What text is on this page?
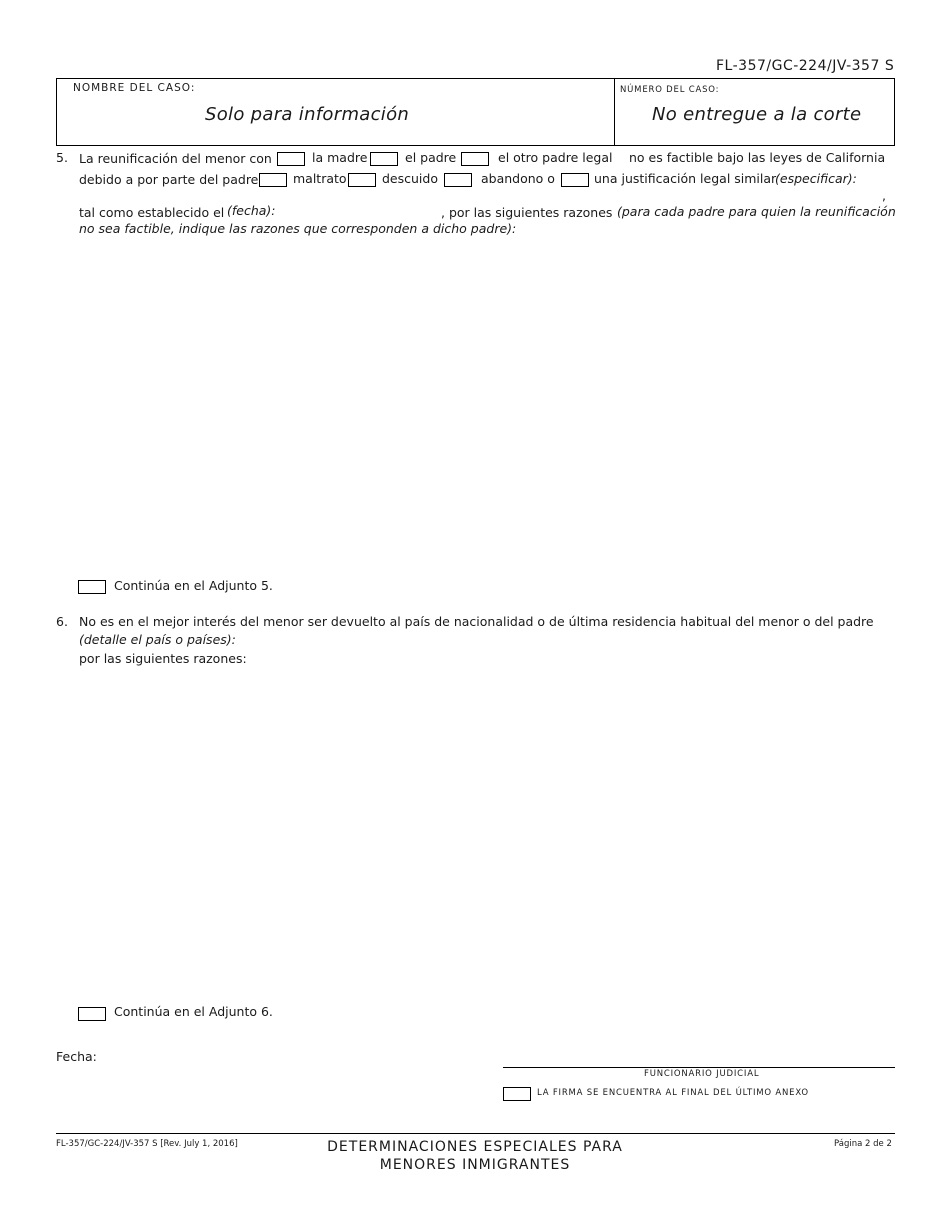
FL-357/GC-224/JV-357 S
NOMBRE DEL CASO:
Solo para información
NÚMERO DEL CASO:
No entregue a la corte
5. La reunificación del menor con	la madre	el padre	el otro padre legal no es factible bajo las leyes de California
debido a por parte del padre	maltrato	descuido	abandono o	una justificación legal similar
(especificar):
,
tal como establecido el (fecha):	, por las siguientes razones (para cada padre para quien la reunificación
no sea factible, indique las razones que corresponden a dicho padre):
Continúa en el Adjunto 5.
6. No es en el mejor interés del menor ser devuelto al país de nacionalidad o de última residencia habitual del menor o del padre
(detalle el país o países):
por las siguientes razones:
Continúa en el Adjunto 6.
Fecha:
FUNCIONARIO JUDICIAL
LA FIRMA SE ENCUENTRA AL FINAL DEL ÚLTIMO ANEXO
FL-357/GC-224/JV-357 S [Rev. July 1, 2016]	DETERMINACIONES ESPECIALES PARA
MENORES INMIGRANTES
Página 2 de 2
